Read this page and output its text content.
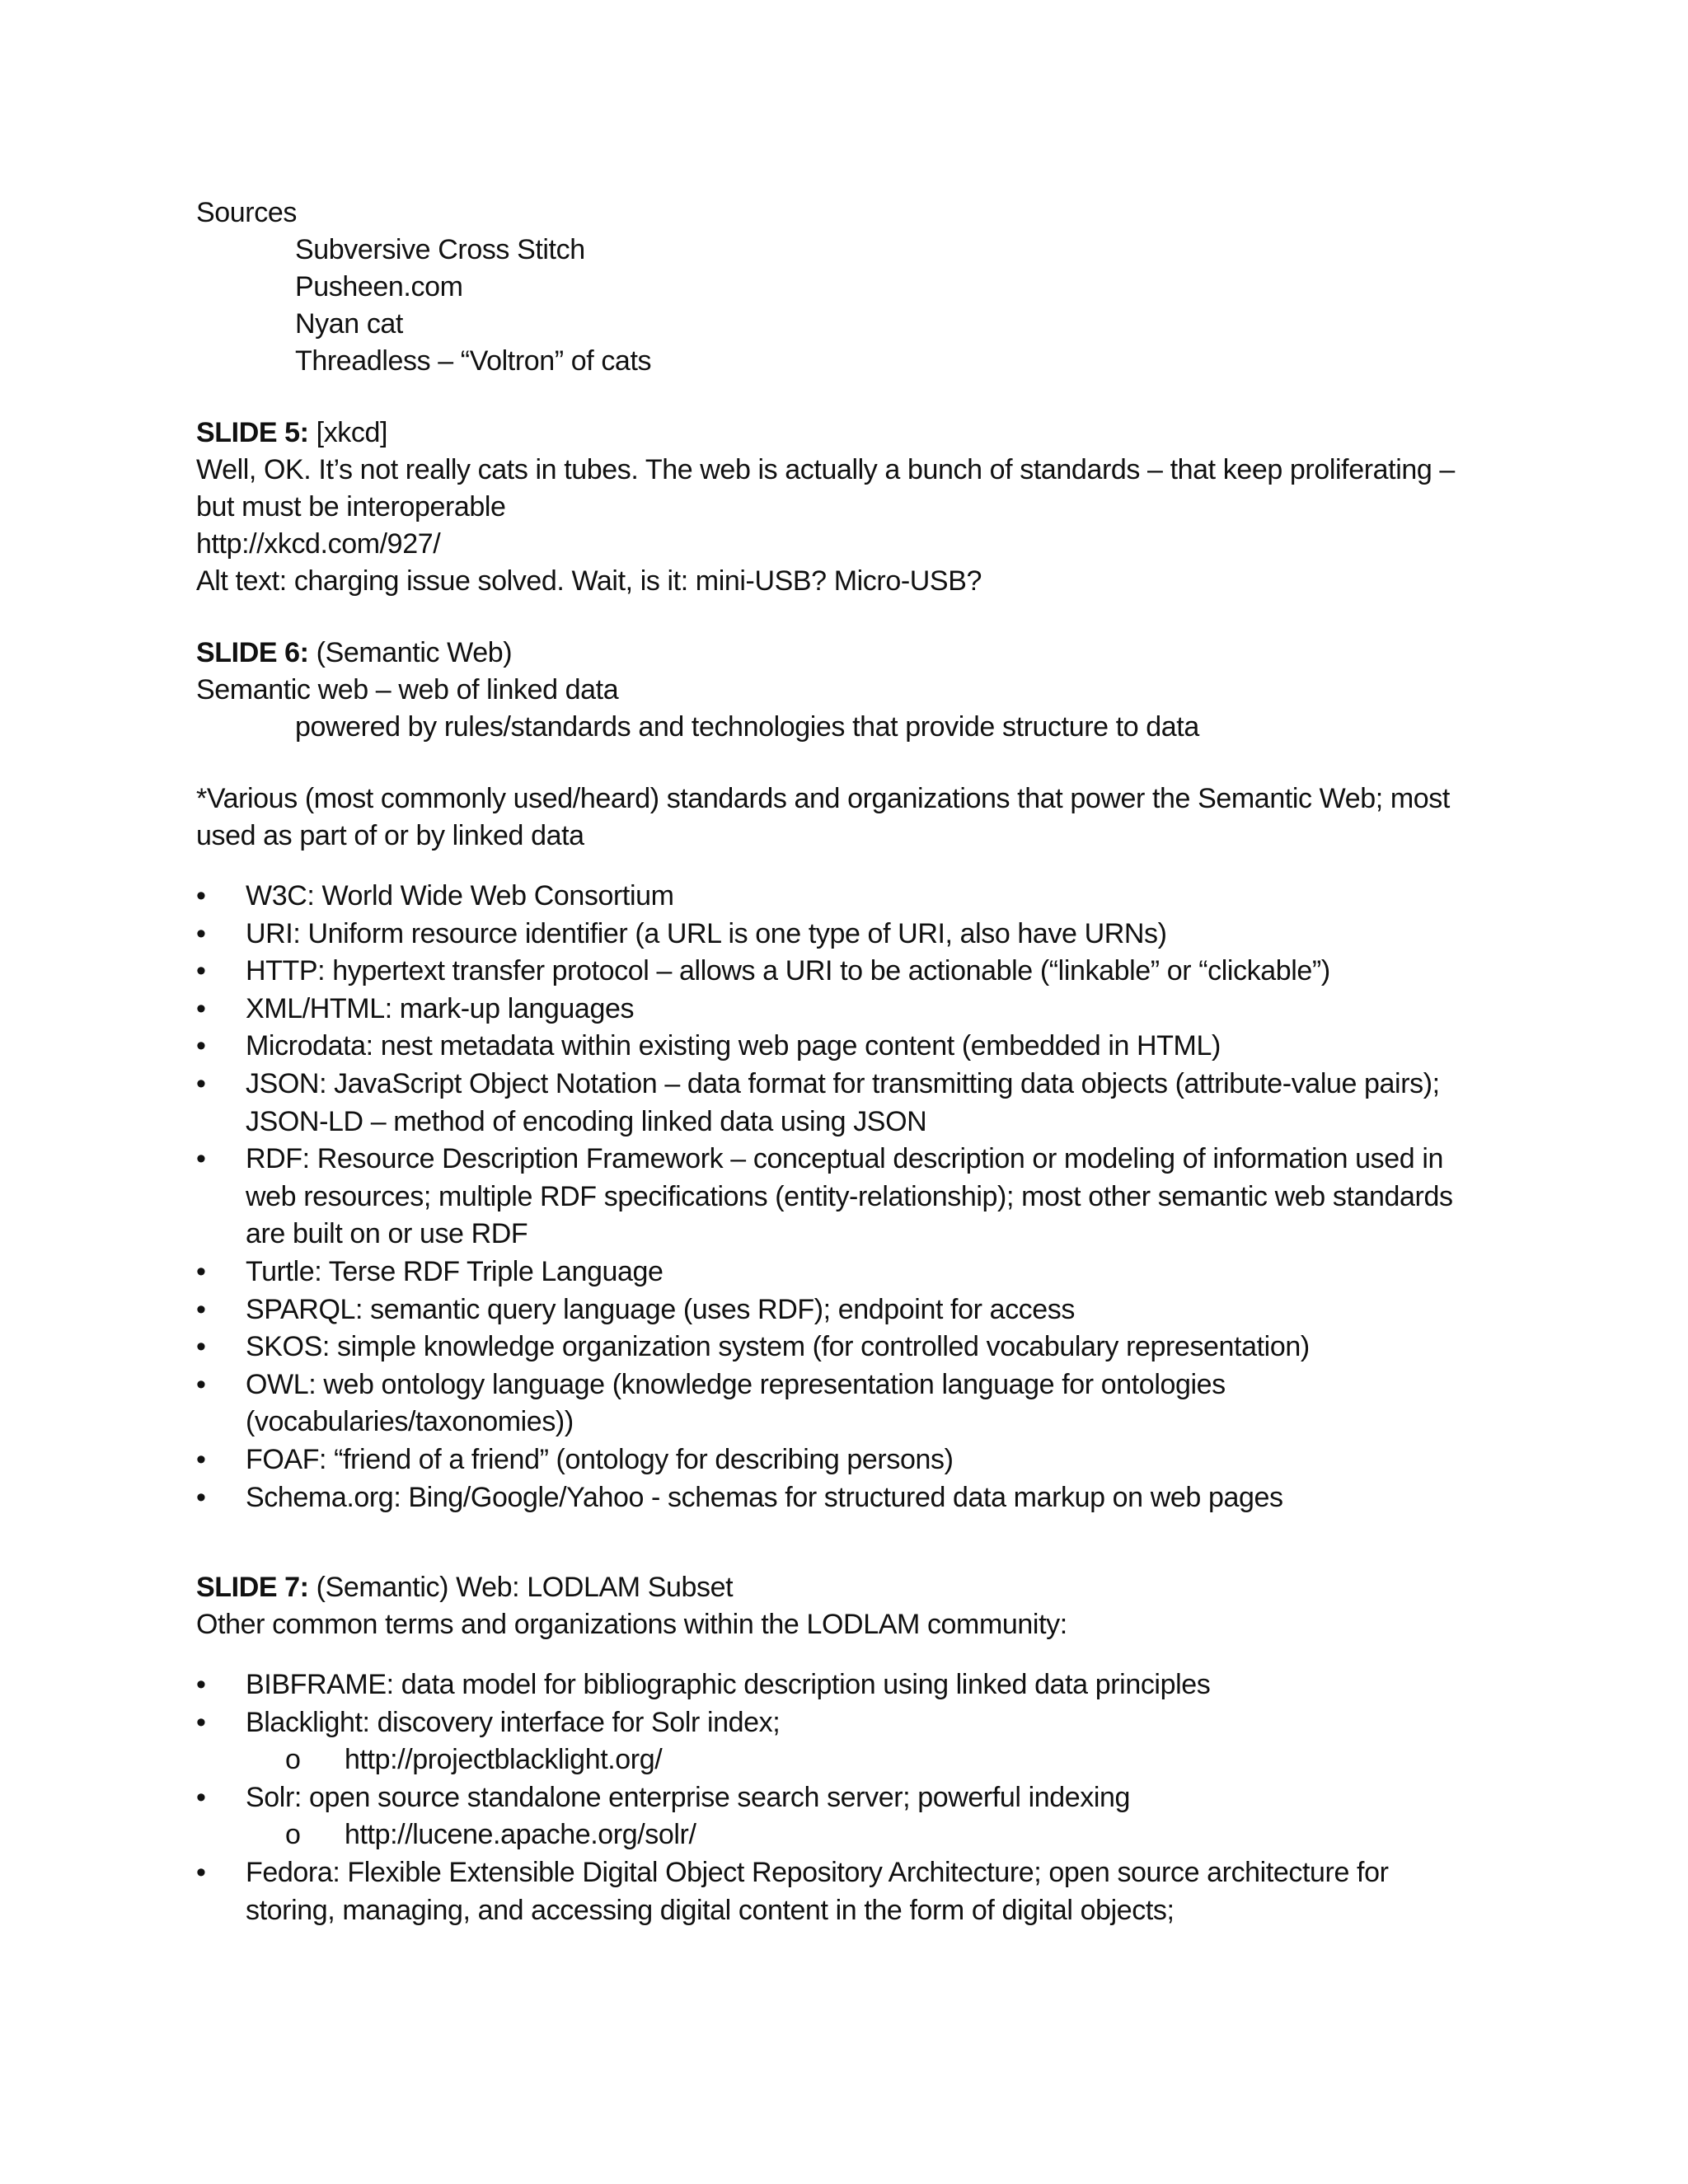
Sources
Subversive Cross Stitch
Pusheen.com
Nyan cat
Threadless – “Voltron” of cats
SLIDE 5: [xkcd]
Well, OK. It’s not really cats in tubes. The web is actually a bunch of standards – that keep proliferating –
but must be interoperable
http://xkcd.com/927/
Alt text: charging issue solved. Wait, is it: mini-USB? Micro-USB?
SLIDE 6: (Semantic Web)
Semantic web – web of linked data
powered by rules/standards and technologies that provide structure to data
*Various (most commonly used/heard) standards and organizations that power the Semantic Web; most
used as part of or by linked data
• W3C: World Wide Web Consortium
• URI: Uniform resource identifier (a URL is one type of URI, also have URNs)
• HTTP: hypertext transfer protocol – allows a URI to be actionable (“linkable” or “clickable”)
• XML/HTML: mark-up languages
• Microdata: nest metadata within existing web page content (embedded in HTML)
• JSON: JavaScript Object Notation – data format for transmitting data objects (attribute-value pairs);
JSON-LD – method of encoding linked data using JSON
• RDF: Resource Description Framework – conceptual description or modeling of information used in
web resources; multiple RDF specifications (entity-relationship); most other semantic web standards
are built on or use RDF
• Turtle: Terse RDF Triple Language
• SPARQL: semantic query language (uses RDF); endpoint for access
• SKOS: simple knowledge organization system (for controlled vocabulary representation)
• OWL: web ontology language (knowledge representation language for ontologies
(vocabularies/taxonomies))
• FOAF: “friend of a friend” (ontology for describing persons)
• Schema.org: Bing/Google/Yahoo - schemas for structured data markup on web pages
SLIDE 7: (Semantic) Web: LODLAM Subset
Other common terms and organizations within the LODLAM community:
• BIBFRAME: data model for bibliographic description using linked data principles
• Blacklight: discovery interface for Solr index;
o http://projectblacklight.org/
• Solr: open source standalone enterprise search server; powerful indexing
o http://lucene.apache.org/solr/
• Fedora: Flexible Extensible Digital Object Repository Architecture; open source architecture for
storing, managing, and accessing digital content in the form of digital objects;
